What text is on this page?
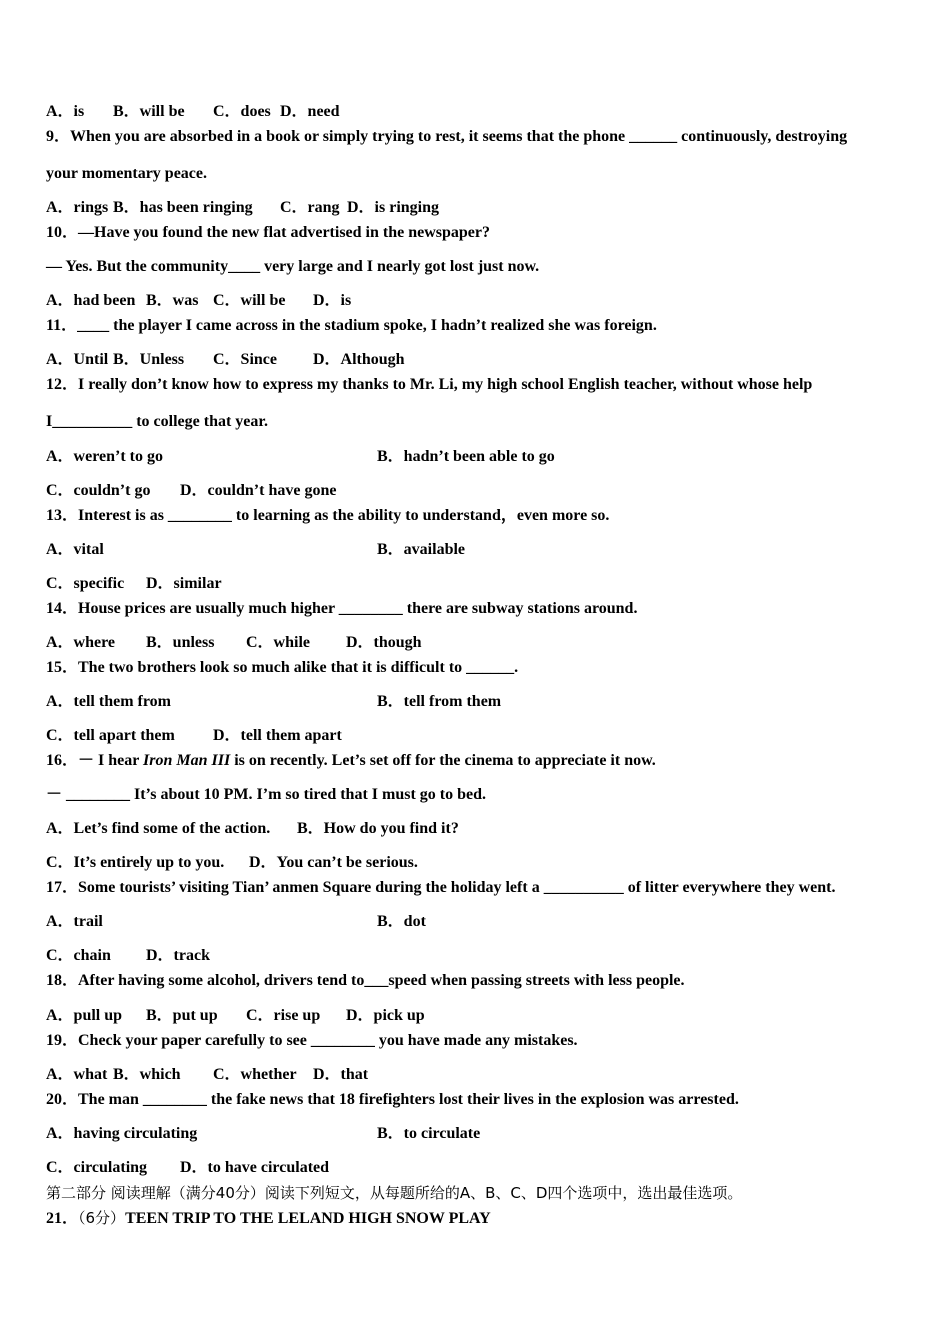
A．is B．will be C．does D．need
9．When you are absorbed in a book or simply trying to rest, it seems that the phone ______ continuously, destroying
your momentary peace.
A．rings B．has been ringing C．rang D．is ringing
10．—Have you found the new flat advertised in the newspaper?
— Yes. But the community____ very large and I nearly got lost just now.
A．had been B．was C．will be D．is
11．____ the player I came across in the stadium spoke, I hadn’t realized she was foreign.
A．Until B．Unless C．Since D．Although
12．I really don’t know how to express my thanks to Mr. Li, my high school English teacher, without whose help
I__________ to college that year.
A．weren’t to go	B．hadn’t been able to go
C．couldn’t go D．couldn’t have gone
13．Interest is as ________ to learning as the ability to understand，even more so.
A．vital	B．available
C．specific D．similar
14．House prices are usually much higher ________ there are subway stations around.
A．where B．unless C．while D．though
15．The two brothers look so much alike that it is difficult to ______.
A．tell them from	B．tell from them
C．tell apart them D．tell them apart
16．－ I hear Iron Man III is on recently. Let’s set off for the cinema to appreciate it now.
－ ________ It’s about 10 PM. I’m so tired that I must go to bed.
A．Let’s find some of the action. B．How do you find it?
C．It’s entirely up to you. D．You can’t be serious.
17．Some tourists’ visiting Tian’ anmen Square during the holiday left a __________ of litter everywhere they went.
A．trail	B．dot
C．chain D．track
18．After having some alcohol, drivers tend to___speed when passing streets with less people.
A．pull up B．put up C．rise up D．pick up
19．Check your paper carefully to see ________ you have made any mistakes.
A．what B．which C．whether D．that
20．The man ________ the fake news that 18 firefighters lost their lives in the explosion was arrested.
A．having circulating	B．to circulate
C．circulating D．to have circulated
第二部分 阅读理解（满分40分）阅读下列短文，从每题所给的A、B、C、D四个选项中，选出最佳选项。
21．（6分）TEEN TRIP TO THE LELAND HIGH SNOW PLAY
